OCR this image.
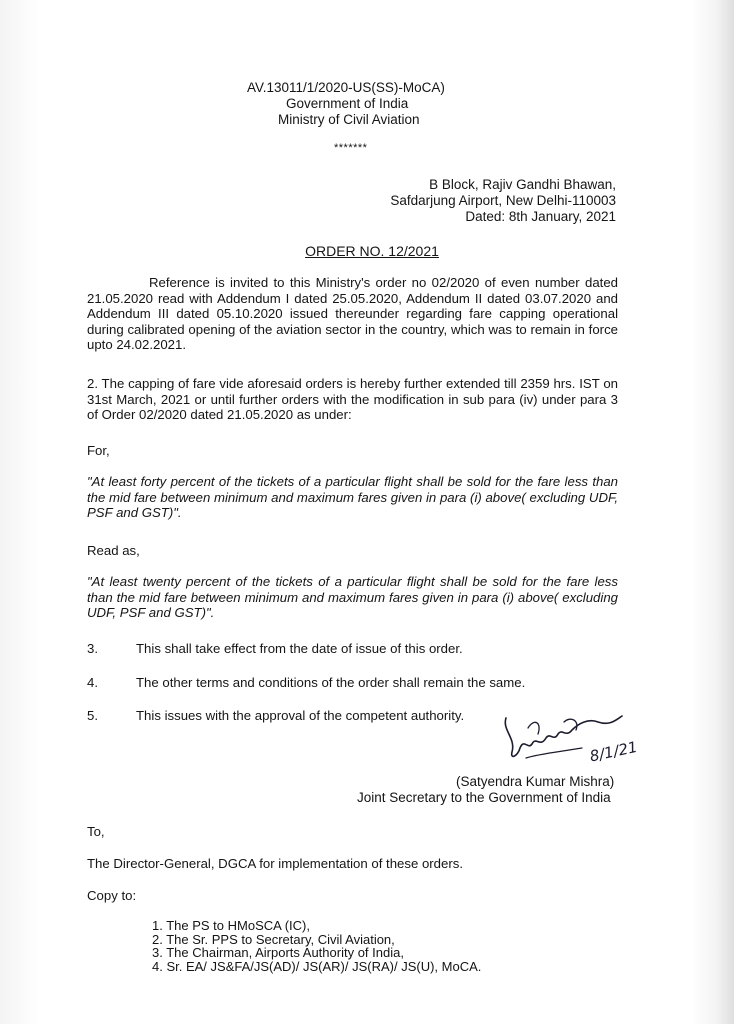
AV.13011/1/2020-US(SS)-MoCA)
Government of India
Ministry of Civil Aviation
*******
B Block, Rajiv Gandhi Bhawan,
Safdarjung Airport, New Delhi-110003
Dated: 8th January, 2021
ORDER NO. 12/2021
Reference is invited to this Ministry's order no 02/2020 of even number dated 21.05.2020 read with Addendum I dated 25.05.2020, Addendum II dated 03.07.2020 and Addendum III dated 05.10.2020 issued thereunder regarding fare capping operational during calibrated opening of the aviation sector in the country, which was to remain in force upto 24.02.2021.
2. The capping of fare vide aforesaid orders is hereby further extended till 2359 hrs. IST on 31st March, 2021 or until further orders with the modification in sub para (iv) under para 3 of Order 02/2020 dated 21.05.2020 as under:
For,
"At least forty percent of the tickets of a particular flight shall be sold for the fare less than the mid fare between minimum and maximum fares given in para (i) above( excluding UDF, PSF and GST)".
Read as,
"At least twenty percent of the tickets of a particular flight shall be sold for the fare less than the mid fare between minimum and maximum fares given in para (i) above( excluding UDF, PSF and GST)".
3.	This shall take effect from the date of issue of this order.
4.	The other terms and conditions of the order shall remain the same.
5.	This issues with the approval of the competent authority.
8/1/21
(Satyendra Kumar Mishra)
Joint Secretary to the Government of India
To,
The Director-General, DGCA for implementation of these orders.
Copy to:
1. The PS to HMoSCA (IC),
2. The Sr. PPS to Secretary, Civil Aviation,
3. The Chairman, Airports Authority of India,
4. Sr. EA/ JS&FA/JS(AD)/ JS(AR)/ JS(RA)/ JS(U), MoCA.
